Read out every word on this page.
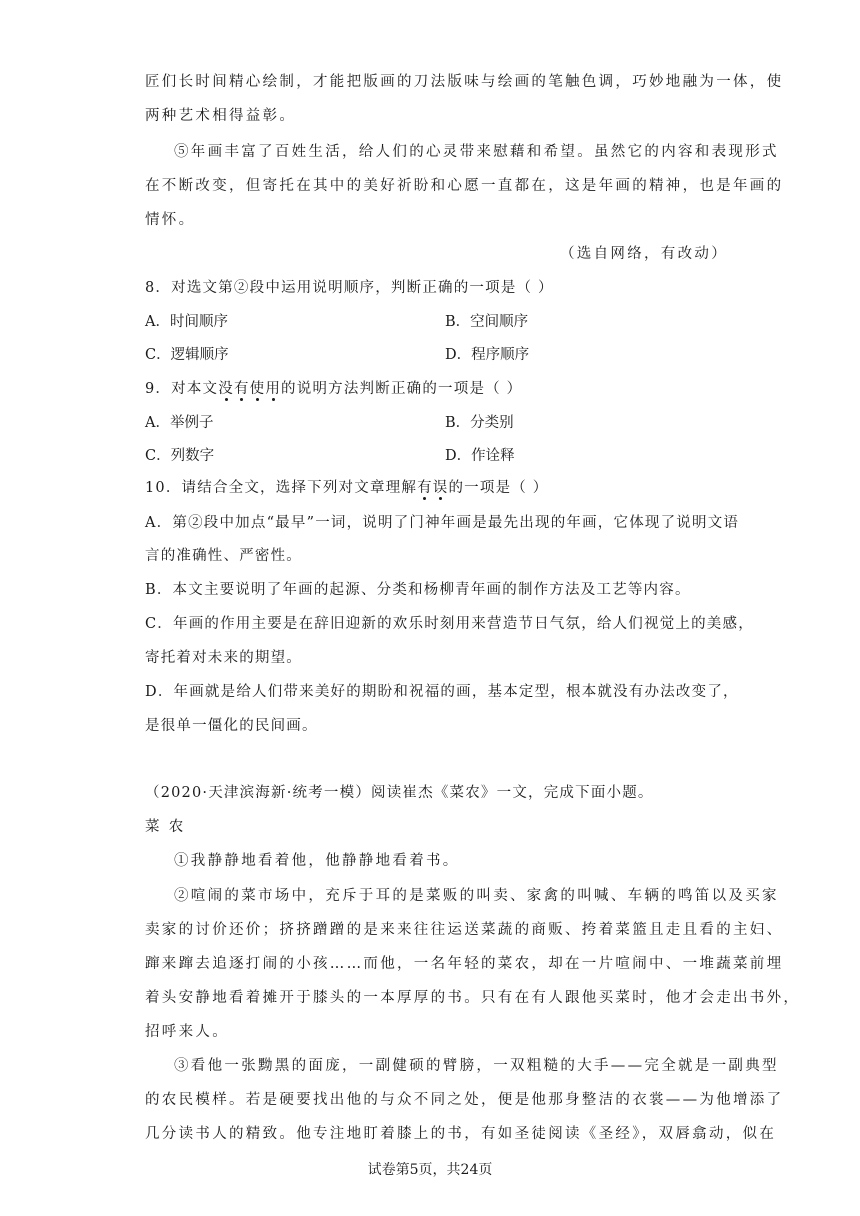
匠们长时间精心绘制，才能把版画的刀法版味与绘画的笔触色调，巧妙地融为一体，使
两种艺术相得益彰。
⑤年画丰富了百姓生活，给人们的心灵带来慰藉和希望。虽然它的内容和表现形式
在不断改变，但寄托在其中的美好祈盼和心愿一直都在，这是年画的精神，也是年画的
情怀。
（选自网络，有改动）
8．对选文第②段中运用说明顺序，判断正确的一项是（ ）
A．时间顺序	B．空间顺序
C．逻辑顺序	D．程序顺序
9．对本文没有使用的说明方法判断正确的一项是（ ）
A．举例子	B．分类别
C．列数字	D．作诠释
10．请结合全文，选择下列对文章理解有误的一项是（ ）
A．第②段中加点“最早”一词，说明了门神年画是最先出现的年画，它体现了说明文语
言的准确性、严密性。
B．本文主要说明了年画的起源、分类和杨柳青年画的制作方法及工艺等内容。
C．年画的作用主要是在辞旧迎新的欢乐时刻用来营造节日气氛，给人们视觉上的美感，
寄托着对未来的期望。
D．年画就是给人们带来美好的期盼和祝福的画，基本定型，根本就没有办法改变了，
是很单一僵化的民间画。
（2020·天津滨海新·统考一模）阅读崔杰《菜农》一文，完成下面小题。
菜 农
①我静静地看着他，他静静地看着书。
②喧闹的菜市场中，充斥于耳的是菜贩的叫卖、家禽的叫喊、车辆的鸣笛以及买家
卖家的讨价还价；挤挤蹭蹭的是来来往往运送菜蔬的商贩、挎着菜篮且走且看的主妇、
蹿来蹿去追逐打闹的小孩……而他，一名年轻的菜农，却在一片喧闹中、一堆蔬菜前埋
着头安静地看着摊开于膝头的一本厚厚的书。只有在有人跟他买菜时，他才会走出书外，
招呼来人。
③看他一张黝黑的面庞，一副健硕的臂膀，一双粗糙的大手——完全就是一副典型
的农民模样。若是硬要找出他的与众不同之处，便是他那身整洁的衣裳——为他增添了
几分读书人的精致。他专注地盯着膝上的书，有如圣徒阅读《圣经》，双唇翕动，似在
试卷第5页，共24页
